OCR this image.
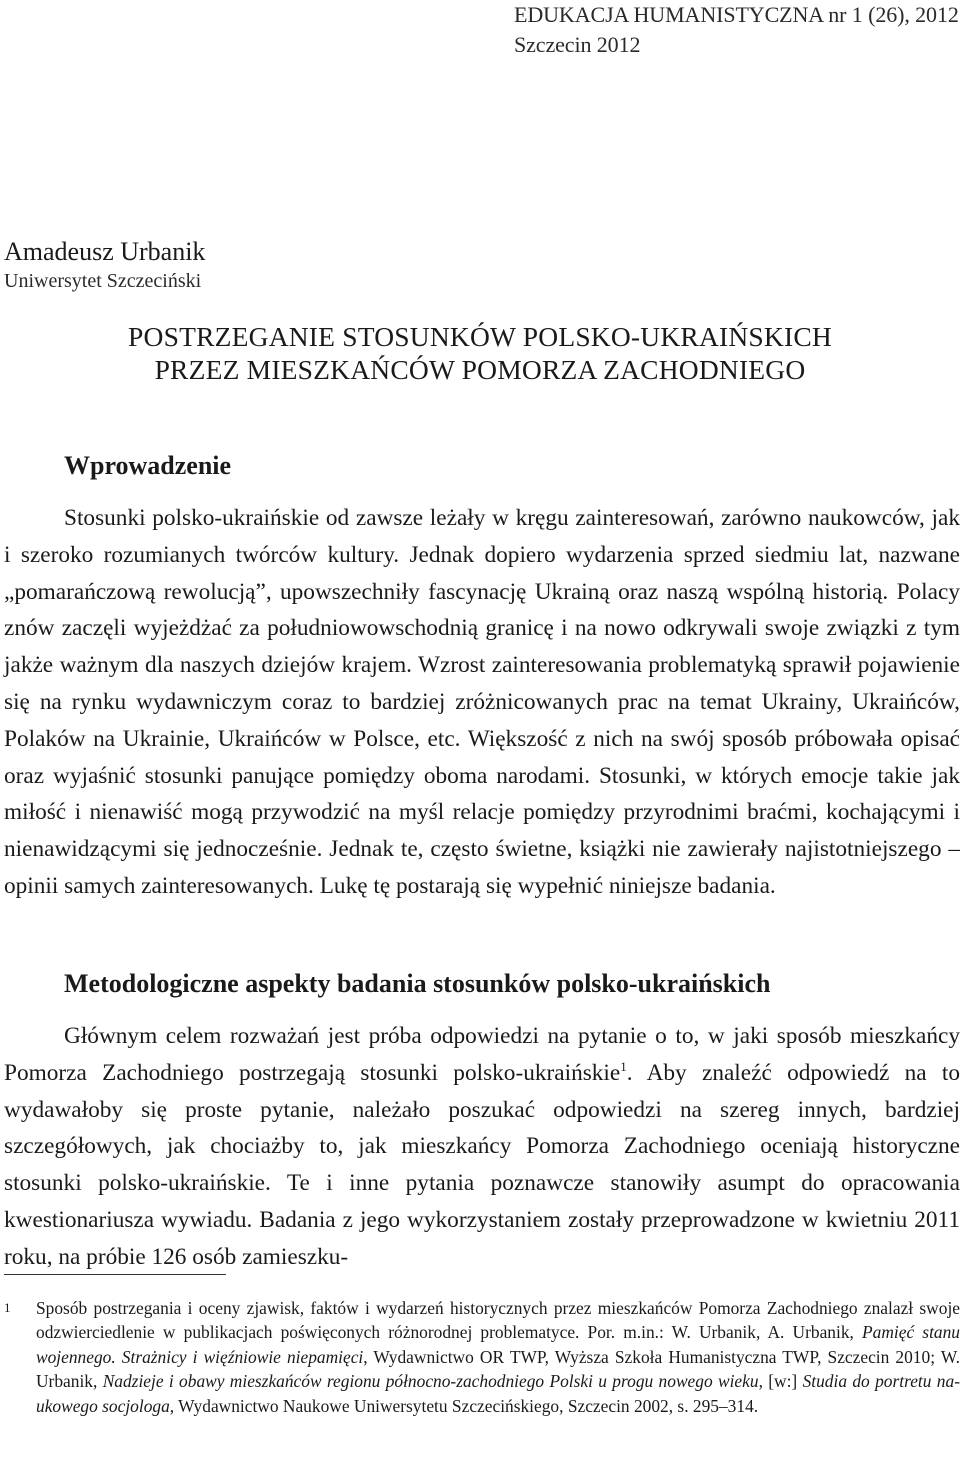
EDUKACJA HUMANISTYCZNA nr 1 (26), 2012
Szczecin 2012
Amadeusz Urbanik
Uniwersytet Szczeciński
POSTRZEGANIE STOSUNKÓW POLSKO-UKRAIŃSKICH
PRZEZ MIESZKAŃCÓW POMORZA ZACHODNIEGO
Wprowadzenie

Stosunki polsko-ukraińskie od zawsze leżały w kręgu zainteresowań, zarówno naukowców, jak i szeroko rozumianych twórców kultury. Jednak dopiero wydarzenia sprzed siedmiu lat, nazwane „pomarańczową rewolucją”, upowszechniły fascynację Ukrainą oraz naszą wspólną historią. Polacy znów zaczęli wyjeżdżać za południowowschodnią granicę i na nowo odkrywali swoje związki z tym jakże ważnym dla naszych dziejów krajem. Wzrost zainteresowania problematyką sprawił pojawienie się na rynku wydawniczym coraz to bardziej zróżnicowanych prac na temat Ukrainy, Ukraińców, Polaków na Ukrainie, Ukraińców w Polsce, etc. Większość z nich na swój sposób próbowała opisać oraz wyjaśnić stosunki panujące pomiędzy oboma narodami. Stosunki, w których emocje takie jak miłość i nienawiść mogą przywodzić na myśl relacje pomiędzy przyrodnimi braćmi, kochającymi i nienawidzącymi się jednocześnie. Jednak te, często świetne, książki nie zawierały najistotniejszego – opinii samych zainteresowanych. Lukę tę postarają się wypełnić niniejsze badania.

Metodologiczne aspekty badania stosunków polsko-ukraińskich

Głównym celem rozważań jest próba odpowiedzi na pytanie o to, w jaki sposób mieszkańcy Pomorza Zachodniego postrzegają stosunki polsko-ukraińskie$^1$. Aby znaleźć odpowiedź na to wydawałoby się proste pytanie, należało poszukać odpowiedzi na szereg innych, bardziej szczegółowych, jak chociażby to, jak mieszkańcy Pomorza Zachodniego oceniają historyczne stosunki polsko-ukraińskie. Te i inne pytania poznawcze stanowiły asumpt do opracowania kwestionariusza wywiadu. Badania z jego wykorzystaniem zostały przeprowadzone w kwietniu 2011 roku, na próbie 126 osób zamieszku-

1 Sposób postrzegania i oceny zjawisk, faktów i wydarzeń historycznych przez mieszkańców Pomorza Zachodniego znalazł swoje odzwierciedlenie w publikacjach poświęconych różnorodnej problematyce. Por. m.in.: W. Urbanik, A. Urbanik, Pamięć stanu wojennego. Strażnicy i więźniowie niepamięci, Wydawnictwo OR TWP, Wyższa Szkoła Humanistyczna TWP, Szczecin 2010; W. Urbanik, Nadzieje i obawy mieszkańców regionu północno-zachodniego Polski u progu nowego wieku, [w:] Studia do portretu naukowego socjologa, Wydawnictwo Naukowe Uniwersytetu Szczecińskiego, Szczecin 2002, s. 295–314.
